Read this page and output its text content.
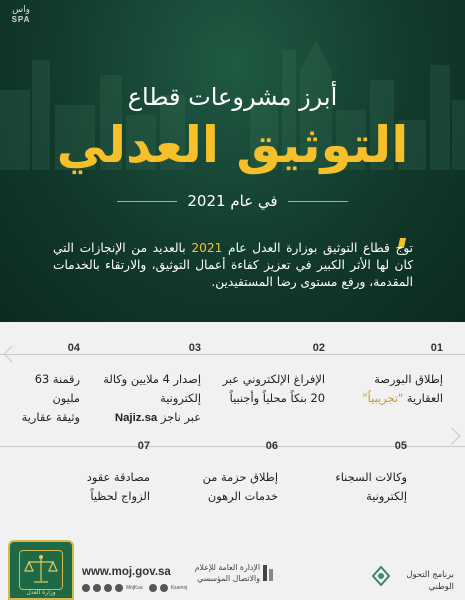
واس
SPA
أبرز مشروعات قطاع
التوثيق العدلي
في عام 2021

توج قطاع التوثيق بوزارة العدل عام 2021 بالعديد من الإنجازات التي كان لها الأثر الكبير في تعزيز كفاءة أعمال التوثيق، والارتقاء بالخدمات المقدمة، ورفع مستوى رضا المستفيدين.

01
إطلاق البورصة
العقارية "تجريبياً"
02
الإفراغ الإلكتروني عبر
20 بنكاً محلياً وأجنبياً
03
إصدار 4 ملايين وكالة إلكترونية
عبر ناجز Najiz.sa
04
رقمنة 63 مليون
وثيقة عقارية
05
وكالات السجناء
إلكترونية
06
إطلاق حزمة من
خدمات الرهون
07
مصادقة عقود
الزواج لحظياً
وزارة العدل
www.moj.gov.sa
MojKsa	Ksamoj
الإدارة العامة للإعلام
والاتصال المؤسسي	برنامج التحول
الوطني
